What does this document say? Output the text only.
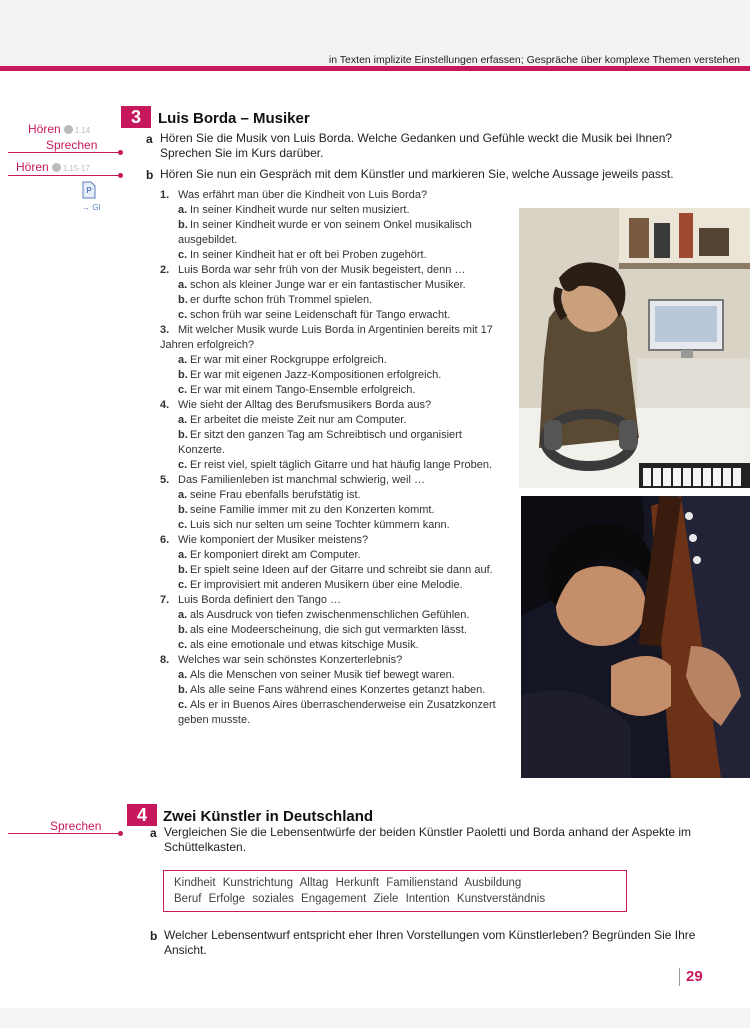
in Texten implizite Einstellungen erfassen; Gespräche über komplexe Themen verstehen
Hören 1.14
Sprechen
Hören 1.15-17
P
→ GI
Sprechen
3	Luis Borda – Musiker
a Hören Sie die Musik von Luis Borda. Welche Gedanken und Gefühle weckt die Musik bei Ihnen? Sprechen Sie im Kurs darüber.
b Hören Sie nun ein Gespräch mit dem Künstler und markieren Sie, welche Aussage jeweils passt.
1. Was erfährt man über die Kindheit von Luis Borda?
a. In seiner Kindheit wurde nur selten musiziert.
b. In seiner Kindheit wurde er von seinem Onkel musikalisch ausgebildet.
c. In seiner Kindheit hat er oft bei Proben zugehört.
2. Luis Borda war sehr früh von der Musik begeistert, denn …
a. schon als kleiner Junge war er ein fantastischer Musiker.
b. er durfte schon früh Trommel spielen.
c. schon früh war seine Leidenschaft für Tango erwacht.
3. Mit welcher Musik wurde Luis Borda in Argentinien bereits mit 17 Jahren erfolgreich?
a. Er war mit einer Rockgruppe erfolgreich.
b. Er war mit eigenen Jazz-Kompositionen erfolgreich.
c. Er war mit einem Tango-Ensemble erfolgreich.
4. Wie sieht der Alltag des Berufsmusikers Borda aus?
a. Er arbeitet die meiste Zeit nur am Computer.
b. Er sitzt den ganzen Tag am Schreibtisch und organisiert Konzerte.
c. Er reist viel, spielt täglich Gitarre und hat häufig lange Proben.
5. Das Familienleben ist manchmal schwierig, weil …
a. seine Frau ebenfalls berufstätig ist.
b. seine Familie immer mit zu den Konzerten kommt.
c. Luis sich nur selten um seine Tochter kümmern kann.
6. Wie komponiert der Musiker meistens?
a. Er komponiert direkt am Computer.
b. Er spielt seine Ideen auf der Gitarre und schreibt sie dann auf.
c. Er improvisiert mit anderen Musikern über eine Melodie.
7. Luis Borda definiert den Tango …
a. als Ausdruck von tiefen zwischenmenschlichen Gefühlen.
b. als eine Modeerscheinung, die sich gut vermarkten lässt.
c. als eine emotionale und etwas kitschige Musik.
8. Welches war sein schönstes Konzerterlebnis?
a. Als die Menschen von seiner Musik tief bewegt waren.
b. Als alle seine Fans während eines Konzertes getanzt haben.
c. Als er in Buenos Aires überraschenderweise ein Zusatzkonzert geben musste.
4	Zwei Künstler in Deutschland
a Vergleichen Sie die Lebensentwürfe der beiden Künstler Paoletti und Borda anhand der Aspekte im Schüttelkasten.
Kindheit Kunstrichtung Alltag Herkunft Familienstand Ausbildung
Beruf Erfolge soziales Engagement Ziele Intention Kunstverständnis
b Welcher Lebensentwurf entspricht eher Ihren Vorstellungen vom Künstlerleben? Begründen Sie Ihre Ansicht.
29
